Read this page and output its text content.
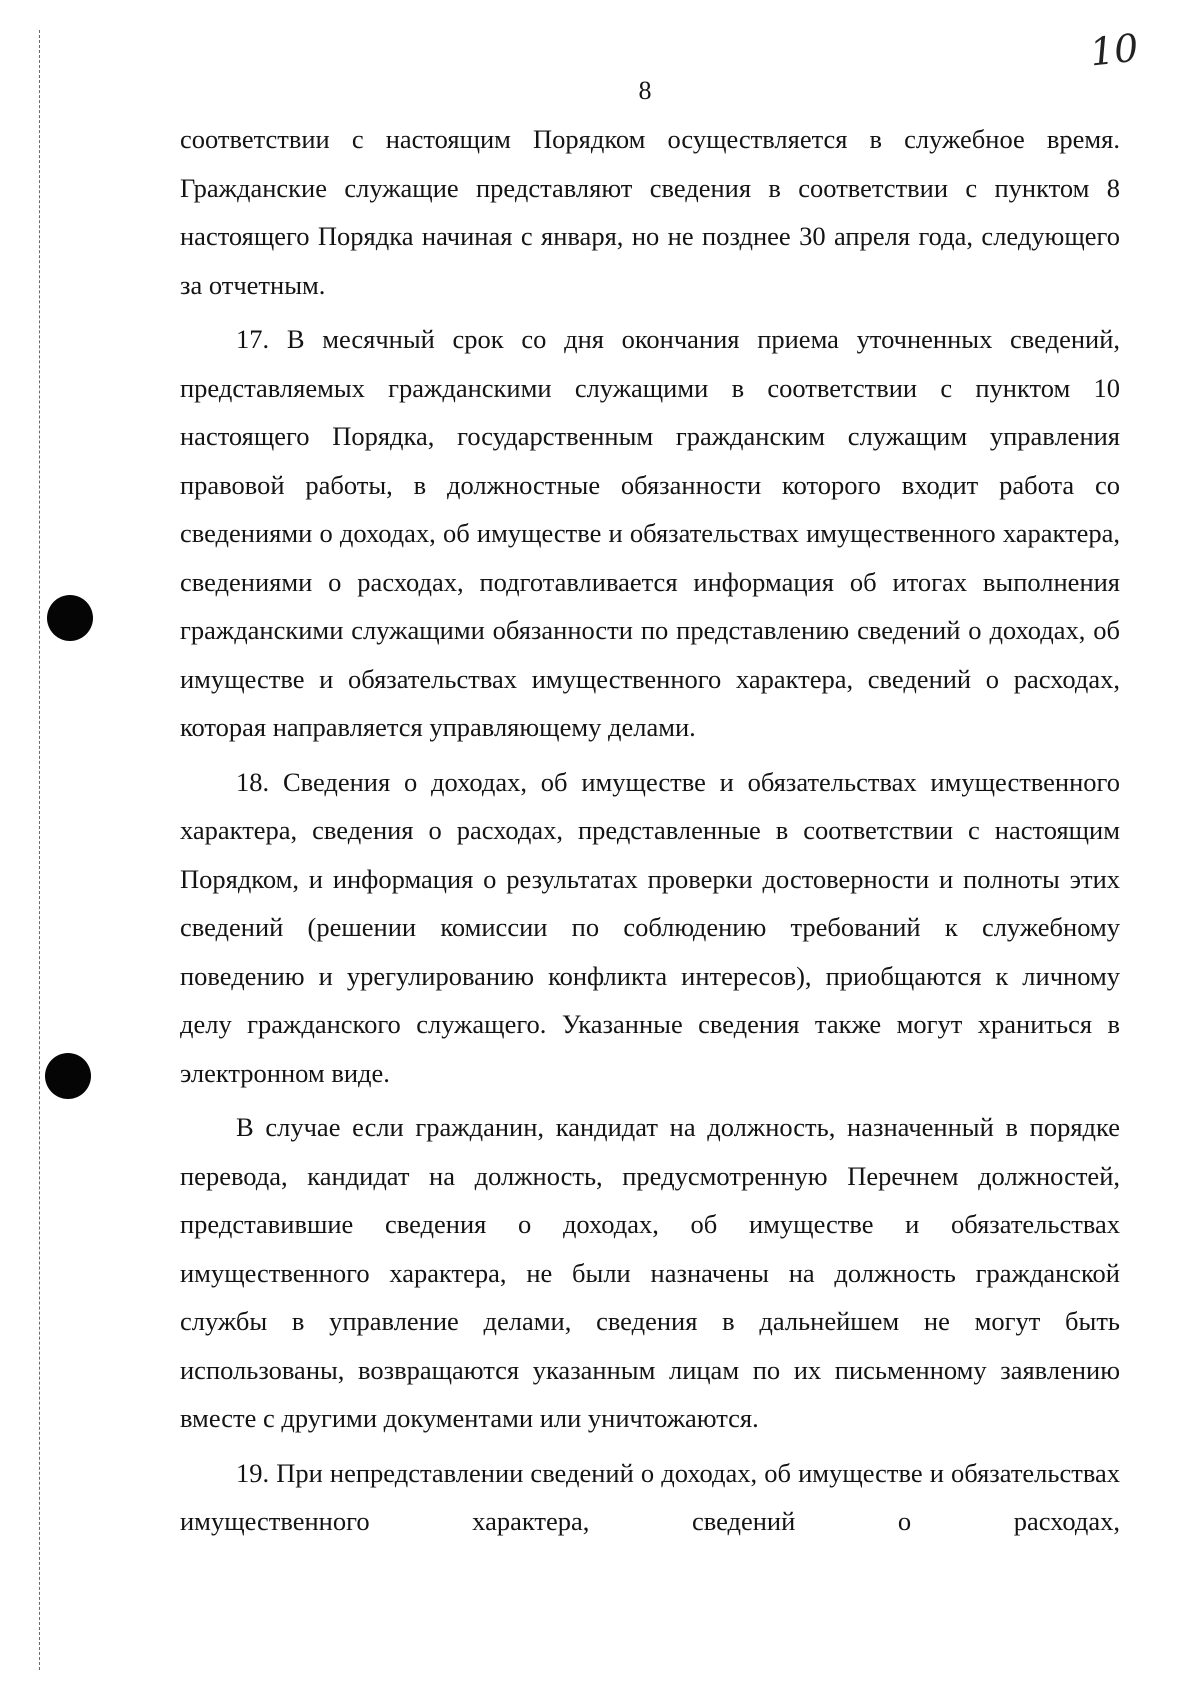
10
8

соответствии с настоящим Порядком осуществляется в служебное время. Гражданские служащие представляют сведения в соответствии с пунктом 8 настоящего Порядка начиная с января, но не позднее 30 апреля года, следующего за отчетным.

17. В месячный срок со дня окончания приема уточненных сведений, представляемых гражданскими служащими в соответствии с пунктом 10 настоящего Порядка, государственным гражданским служащим управления правовой работы, в должностные обязанности которого входит работа со сведениями о доходах, об имуществе и обязательствах имущественного характера, сведениями о расходах, подготавливается информация об итогах выполнения гражданскими служащими обязанности по представлению сведений о доходах, об имуществе и обязательствах имущественного характера, сведений о расходах, которая направляется управляющему делами.

18. Сведения о доходах, об имуществе и обязательствах имущественного характера, сведения о расходах, представленные в соответствии с настоящим Порядком, и информация о результатах проверки достоверности и полноты этих сведений (решении комиссии по соблюдению требований к служебному поведению и урегулированию конфликта интересов), приобщаются к личному делу гражданского служащего. Указанные сведения также могут храниться в электронном виде.

В случае если гражданин, кандидат на должность, назначенный в порядке перевода, кандидат на должность, предусмотренную Перечнем должностей, представившие сведения о доходах, об имуществе и обязательствах имущественного характера, не были назначены на должность гражданской службы в управление делами, сведения в дальнейшем не могут быть использованы, возвращаются указанным лицам по их письменному заявлению вместе с другими документами или уничтожаются.

19. При непредставлении сведений о доходах, об имуществе и обязательствах имущественного характера, сведений о расходах,
